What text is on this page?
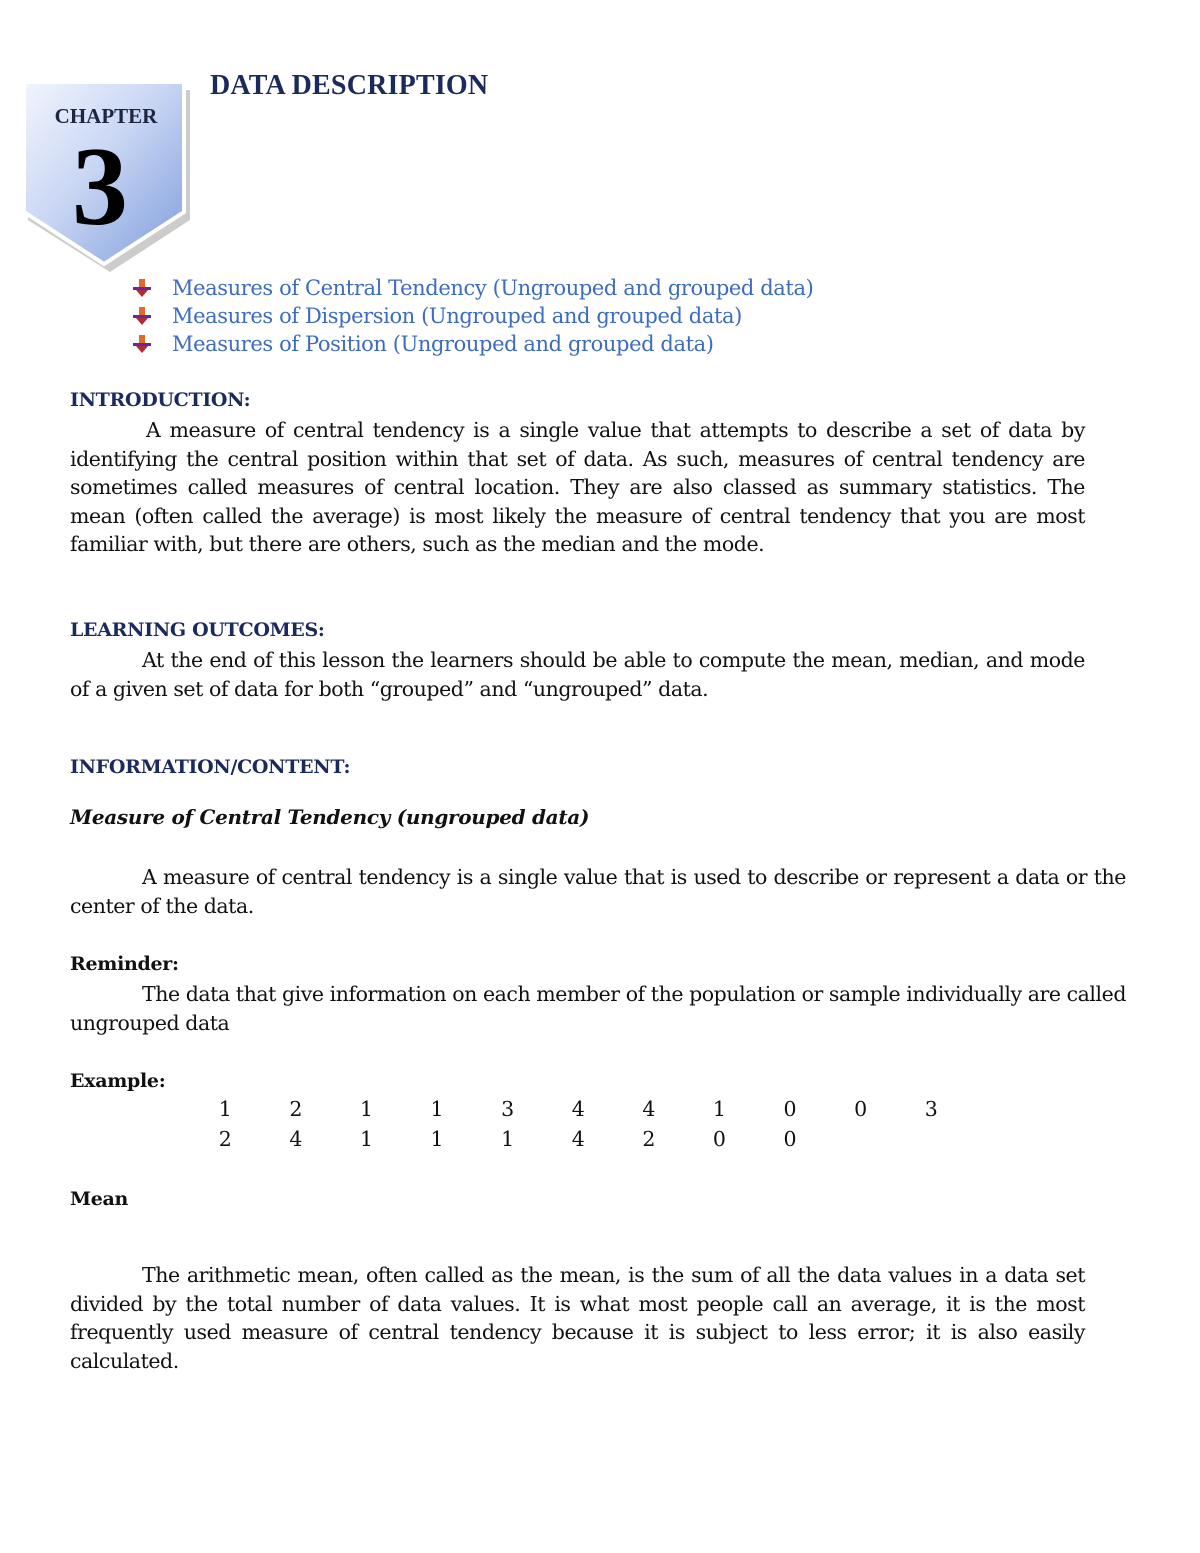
CHAPTER
3
DATA DESCRIPTION
Measures of Central Tendency (Ungrouped and grouped data)
Measures of Dispersion (Ungrouped and grouped data)
Measures of Position (Ungrouped and grouped data)
INTRODUCTION:

A measure of central tendency is a single value that attempts to describe a set of data by identifying the central position within that set of data. As such, measures of central tendency are sometimes called measures of central location. They are also classed as summary statistics. The mean (often called the average) is most likely the measure of central tendency that you are most familiar with, but there are others, such as the median and the mode.

LEARNING OUTCOMES:

At the end of this lesson the learners should be able to compute the mean, median, and mode of a given set of data for both “grouped” and “ungrouped” data.

INFORMATION/CONTENT:
Measure of Central Tendency (ungrouped data)

A measure of central tendency is a single value that is used to describe or represent a data or the center of the data.

Reminder:

The data that give information on each member of the population or sample individually are called ungrouped data

Example:
1	2	1	1	3	4	4	1	0	0	3
2	4	1	1	1	4	2	0	0
Mean

The arithmetic mean, often called as the mean, is the sum of all the data values in a data set divided by the total number of data values. It is what most people call an average, it is the most frequently used measure of central tendency because it is subject to less error; it is also easily calculated.
